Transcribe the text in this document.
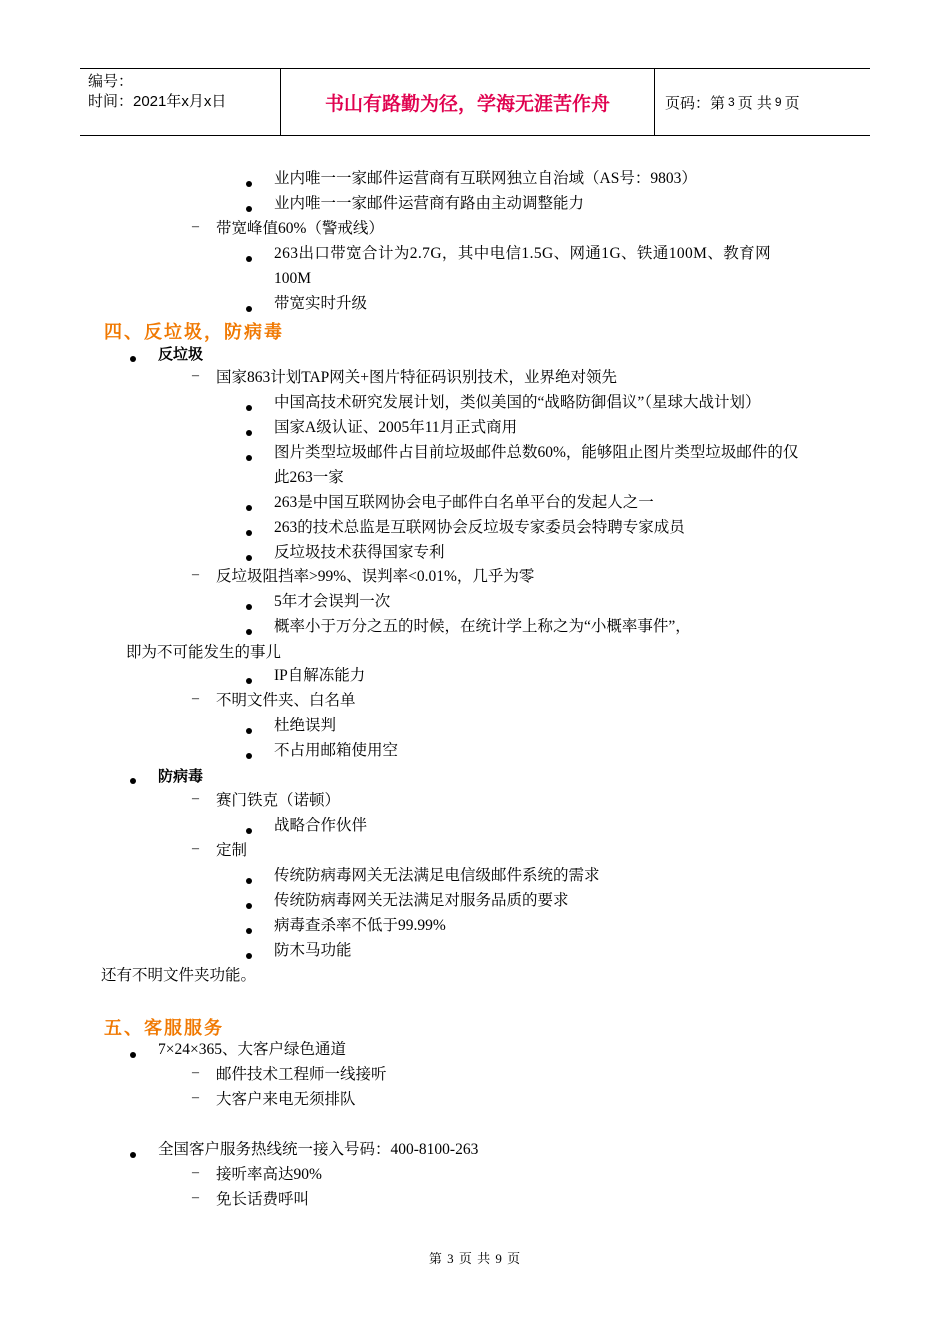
编号：
时间：2021年x月x日	书山有路勤为径，学海无涯苦作舟	页码：第 3 页 共 9 页
业内唯一一家邮件运营商有互联网独立自治域（AS号：9803）
业内唯一一家邮件运营商有路由主动调整能力
– 带宽峰值60%（警戒线）
263出口带宽合计为2.7G，其中电信1.5G、网通1G、铁通100M、教育网
100M
带宽实时升级
四、反垃圾，防病毒
反垃圾
– 国家863计划TAP网关+图片特征码识别技术，业界绝对领先
中国高技术研究发展计划，类似美国的“战略防御倡议”（星球大战计划）
国家A级认证、2005年11月正式商用
图片类型垃圾邮件占目前垃圾邮件总数60%，能够阻止图片类型垃圾邮件的仅
此263一家
263是中国互联网协会电子邮件白名单平台的发起人之一
263的技术总监是互联网协会反垃圾专家委员会特聘专家成员
反垃圾技术获得国家专利
– 反垃圾阻挡率>99%、误判率<0.01%，几乎为零
5年才会误判一次
概率小于万分之五的时候，在统计学上称之为“小概率事件”，
即为不可能发生的事儿
IP自解冻能力
– 不明文件夹、白名单
杜绝误判
不占用邮箱使用空
防病毒
– 赛门铁克（诺顿）
战略合作伙伴
– 定制
传统防病毒网关无法满足电信级邮件系统的需求
传统防病毒网关无法满足对服务品质的要求
病毒查杀率不低于99.99%
防木马功能
还有不明文件夹功能。
五、客服服务
7×24×365、大客户绿色通道
– 邮件技术工程师一线接听
– 大客户来电无须排队
全国客户服务热线统一接入号码：400-8100-263
– 接听率高达90%
– 免长话费呼叫
第 3 页 共 9 页
